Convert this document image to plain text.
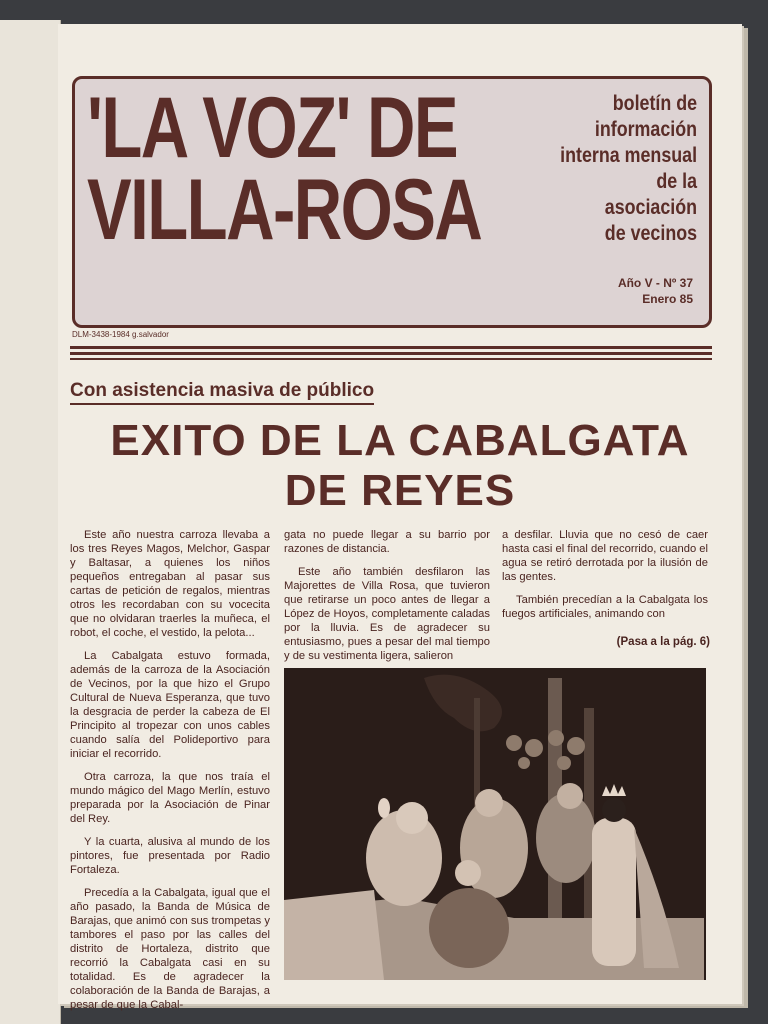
'LA VOZ' DE
VILLA-ROSA
boletín de
información
interna mensual
de la
asociación
de vecinos
Año V - Nº 37
Enero 85
DLM-3438-1984 g.salvador
Con asistencia masiva de público
EXITO DE LA CABALGATA
DE REYES

Este año nuestra carroza llevaba a los tres Reyes Magos, Melchor, Gaspar y Baltasar, a quienes los niños pequeños entregaban al pasar sus cartas de petición de regalos, mientras otros les recordaban con su vocecita que no olvidaran traerles la muñeca, el robot, el coche, el vestido, la pelota...

La Cabalgata estuvo formada, además de la carroza de la Asociación de Vecinos, por la que hizo el Grupo Cultural de Nueva Esperanza, que tuvo la desgracia de perder la cabeza de El Principito al tropezar con unos cables cuando salía del Polideportivo para iniciar el recorrido.

Otra carroza, la que nos traía el mundo mágico del Mago Merlín, estuvo preparada por la Asociación de Pinar del Rey.

Y la cuarta, alusiva al mundo de los pintores, fue presentada por Radio Fortaleza.

Precedía a la Cabalgata, igual que el año pasado, la Banda de Música de Barajas, que animó con sus trompetas y tambores el paso por las calles del distrito de Hortaleza, distrito que recorrió la Cabalgata casi en su totalidad. Es de agradecer la colaboración de la Banda de Barajas, a pesar de que la Cabal-

gata no puede llegar a su barrio por razones de distancia.

Este año también desfilaron las Majorettes de Villa Rosa, que tuvieron que retirarse un poco antes de llegar a López de Hoyos, completamente caladas por la lluvia. Es de agradecer su entusiasmo, pues a pesar del mal tiempo y de su vestimenta ligera, salieron

a desfilar. Lluvia que no cesó de caer hasta casi el final del recorrido, cuando el agua se retiró derrotada por la ilusión de las gentes.

También precedían a la Cabalgata los fuegos artificiales, animando con

(Pasa a la pág. 6)
